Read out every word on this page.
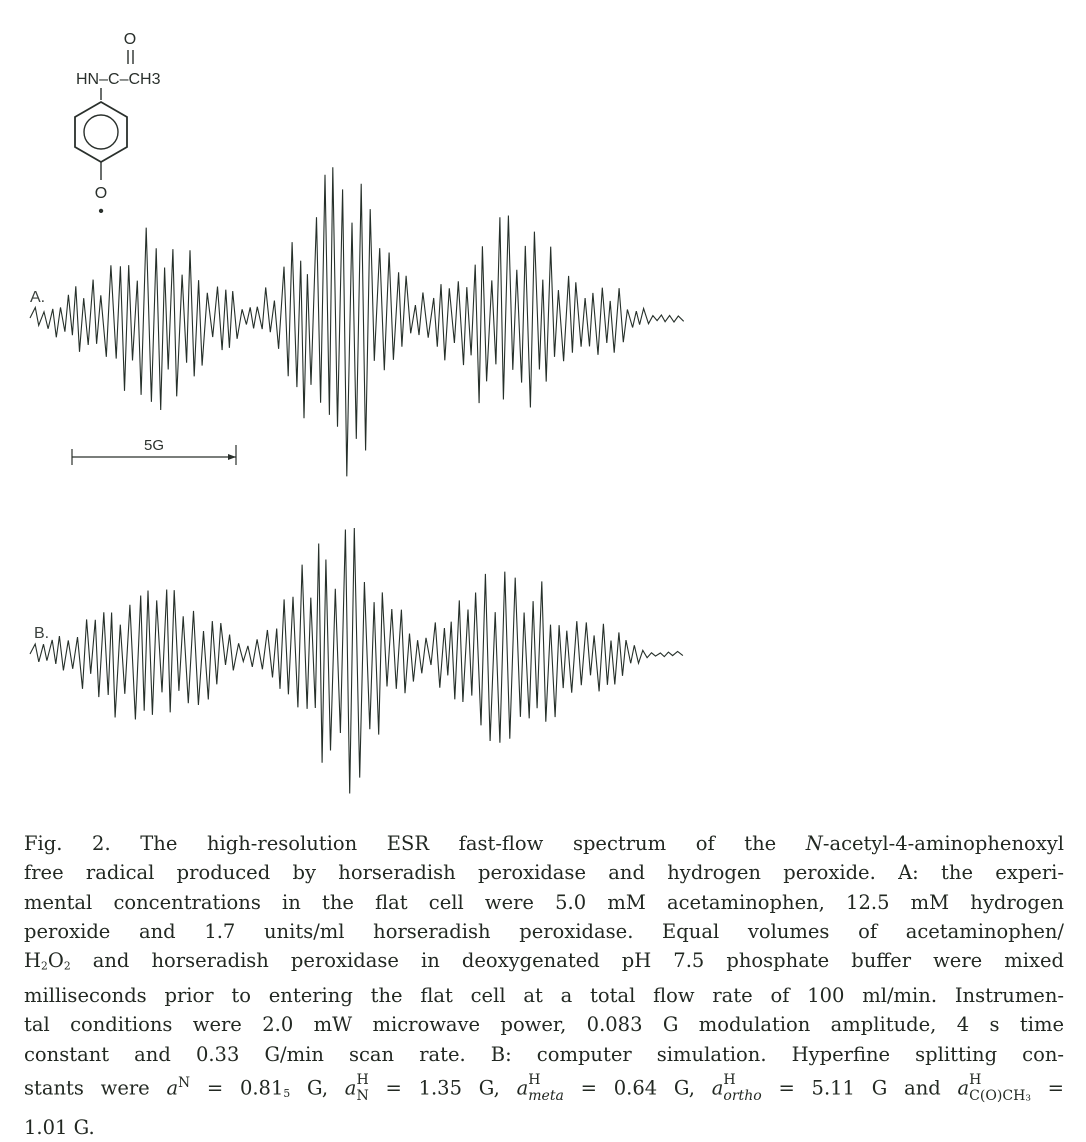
O
HN–C–CH3
O
•
A.
B.
5G
Fig. 2. The high-resolution ESR fast-flow spectrum of the N-acetyl-4-aminophenoxyl
free radical produced by horseradish peroxidase and hydrogen peroxide. A: the experi-
mental concentrations in the flat cell were 5.0 mM acetaminophen, 12.5 mM hydrogen
peroxide and 1.7 units/ml horseradish peroxidase. Equal volumes of acetaminophen/
$H_2O_2$ and horseradish peroxidase in deoxygenated pH 7.5 phosphate buffer were mixed
milliseconds prior to entering the flat cell at a total flow rate of 100 ml/min. Instrumen-
tal conditions were 2.0 mW microwave power, 0.083 G modulation amplitude, 4 s time
constant and 0.33 G/min scan rate. B: computer simulation. Hyperfine splitting con-
stants were $a^N = 0.81_5$ G, a H
$_N$ = 1.35 G, a H
$_{meta}$ = 0.64 G, a H
$_{ortho}$ = 5.11 G and a H
$_{C(O)CH3}$ =
1.01 G.
